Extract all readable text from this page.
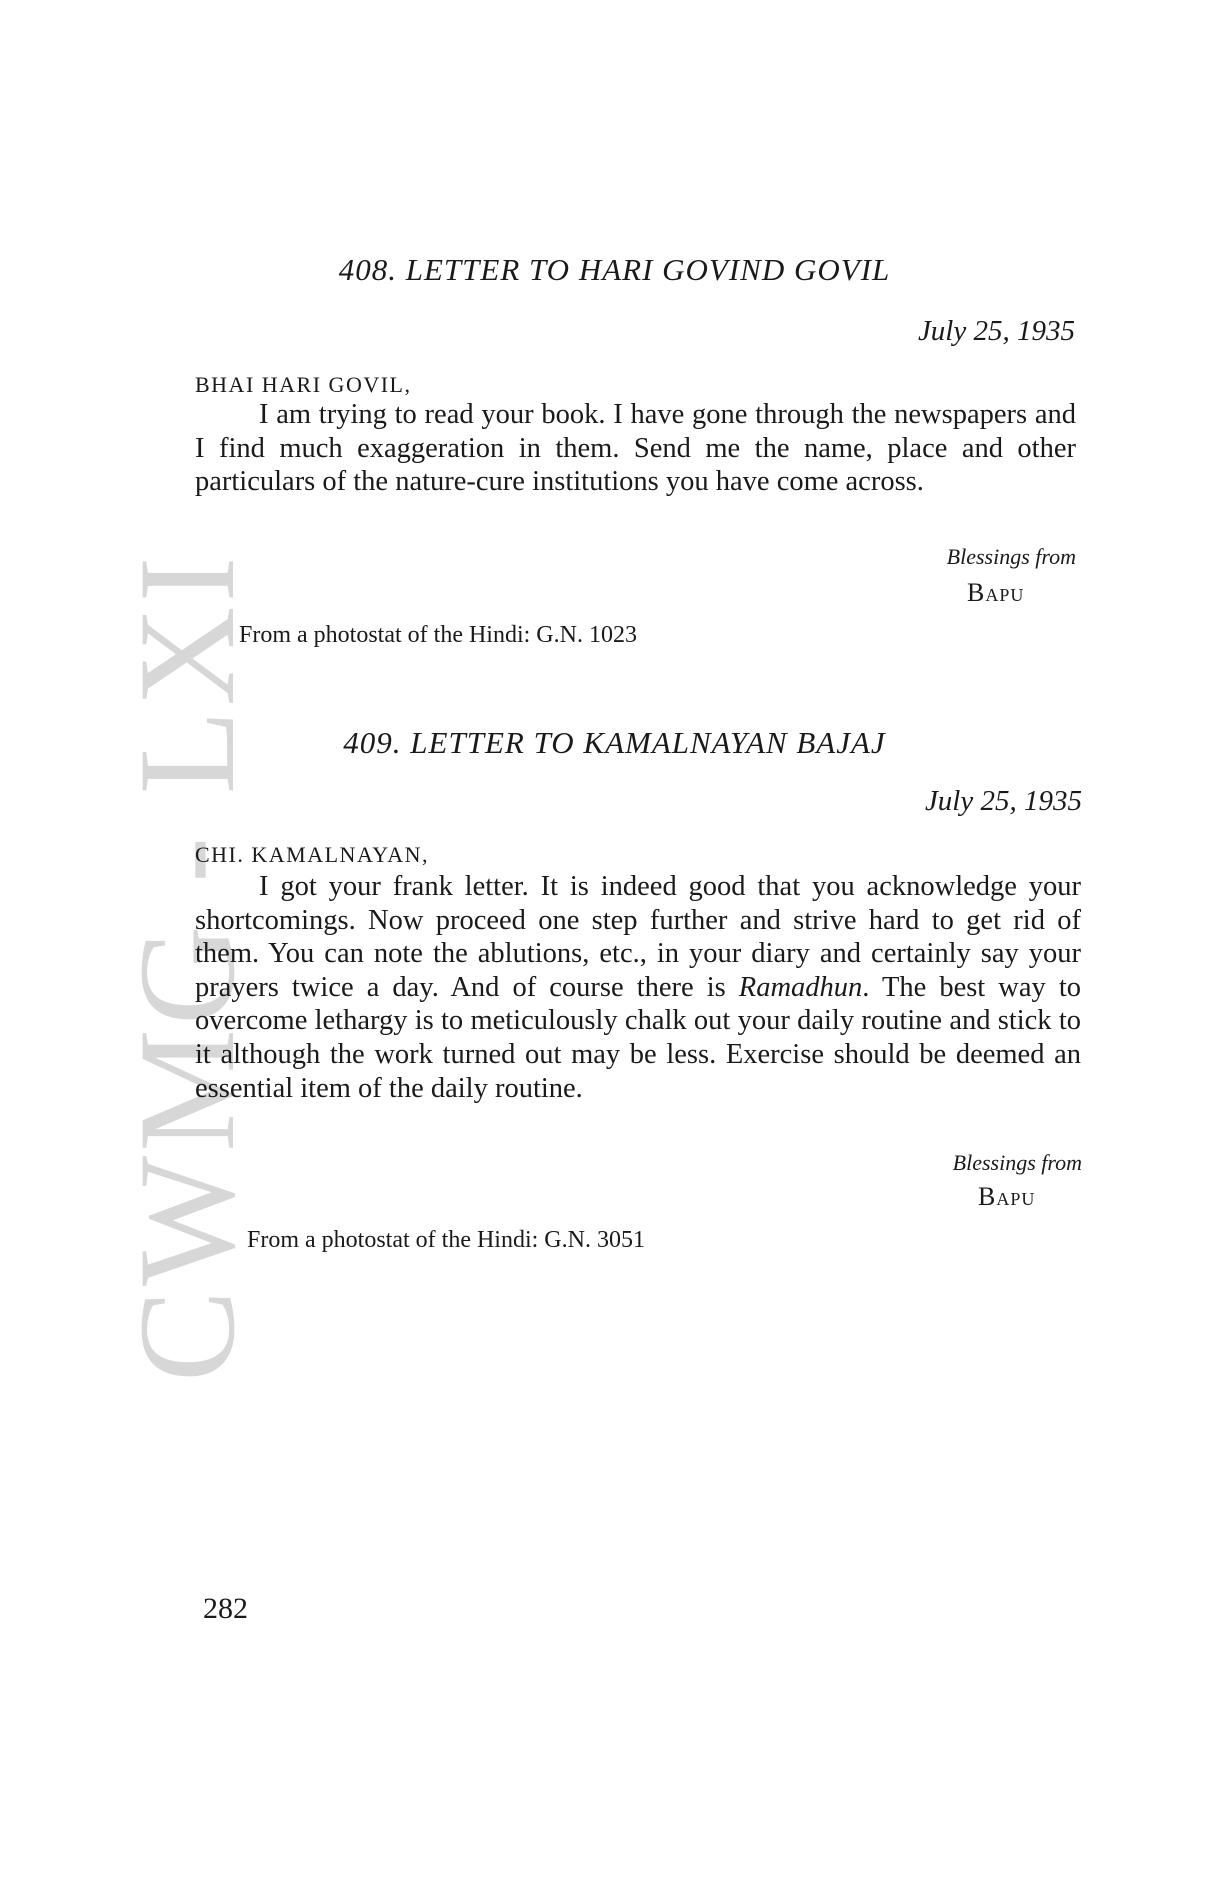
CWMG - LXI
408. LETTER TO HARI GOVIND GOVIL
July 25, 1935
BHAI HARI GOVIL,

I am trying to read your book. I have gone through the newspapers and I find much exaggeration in them. Send me the name, place and other particulars of the nature-cure institutions you have come across.

Blessings from
Bapu
From a photostat of the Hindi: G.N. 1023
409. LETTER TO KAMALNAYAN BAJAJ
July 25, 1935
CHI. KAMALNAYAN,

I got your frank letter. It is indeed good that you acknowledge your shortcomings. Now proceed one step further and strive hard to get rid of them. You can note the ablutions, etc., in your diary and certainly say your prayers twice a day. And of course there is Ramadhun. The best way to overcome lethargy is to meticulously chalk out your daily routine and stick to it although the work turned out may be less. Exercise should be deemed an essential item of the daily routine.

Blessings from
Bapu
From a photostat of the Hindi: G.N. 3051
282
